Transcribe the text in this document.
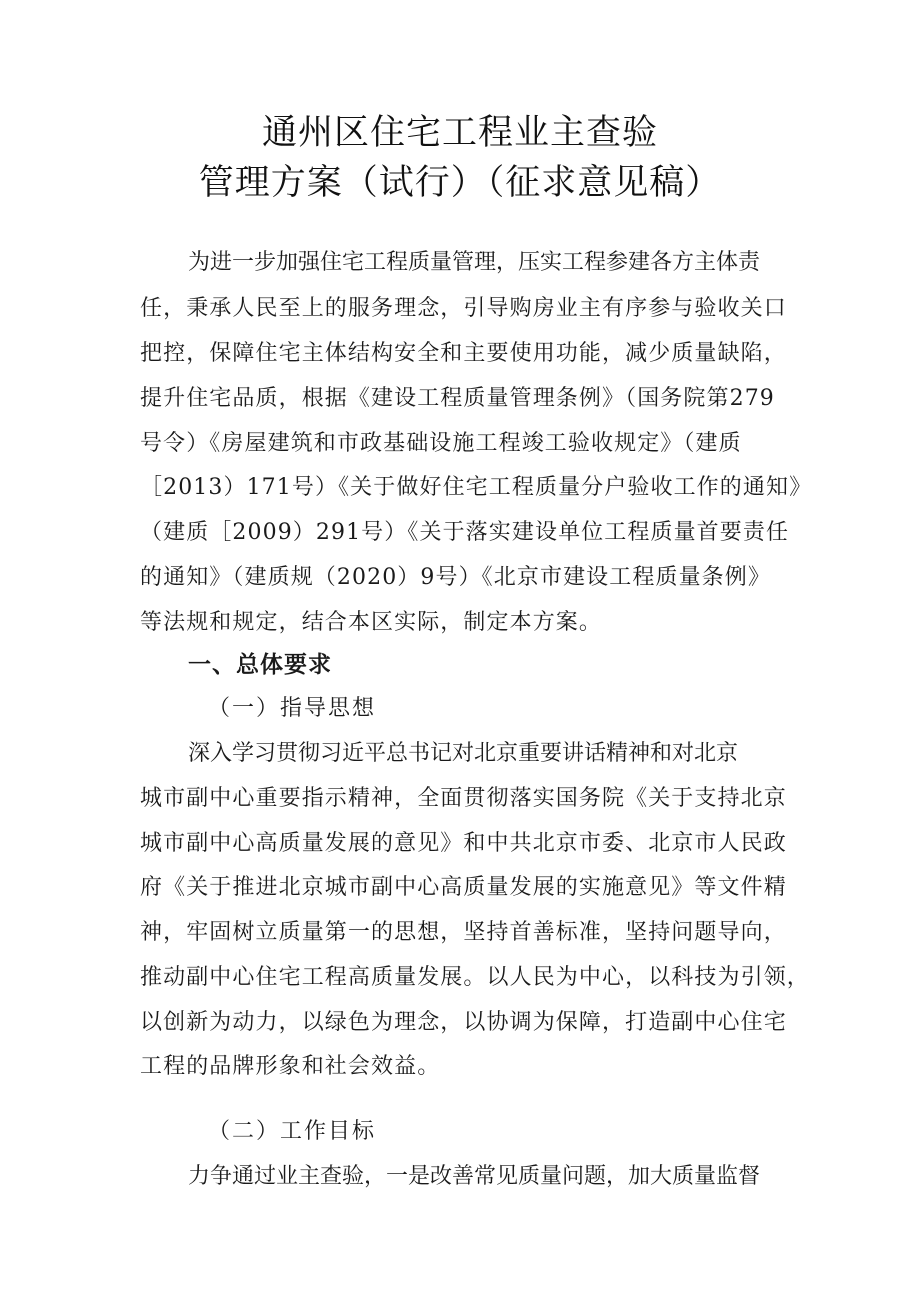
通州区住宅工程业主查验
管理方案（试行）（征求意见稿）
为进一步加强住宅工程质量管理，压实工程参建各方主体责
任，秉承人民至上的服务理念，引导购房业主有序参与验收关口
把控，保障住宅主体结构安全和主要使用功能，减少质量缺陷，
提升住宅品质，根据《建设工程质量管理条例》（国务院第279
号令）《房屋建筑和市政基础设施工程竣工验收规定》（建质
［2013）171号）《关于做好住宅工程质量分户验收工作的通知》
（建质［2009）291号）《关于落实建设单位工程质量首要责任
的通知》（建质规（2020）9号）《北京市建设工程质量条例》
等法规和规定，结合本区实际，制定本方案。
一、总体要求
（一）指导思想
深入学习贯彻习近平总书记对北京重要讲话精神和对北京
城市副中心重要指示精神，全面贯彻落实国务院《关于支持北京
城市副中心高质量发展的意见》和中共北京市委、北京市人民政
府《关于推进北京城市副中心高质量发展的实施意见》等文件精
神，牢固树立质量第一的思想，坚持首善标准，坚持问题导向，
推动副中心住宅工程高质量发展。以人民为中心，以科技为引领，
以创新为动力，以绿色为理念，以协调为保障，打造副中心住宅
工程的品牌形象和社会效益。
（二）工作目标
力争通过业主查验，一是改善常见质量问题，加大质量监督
